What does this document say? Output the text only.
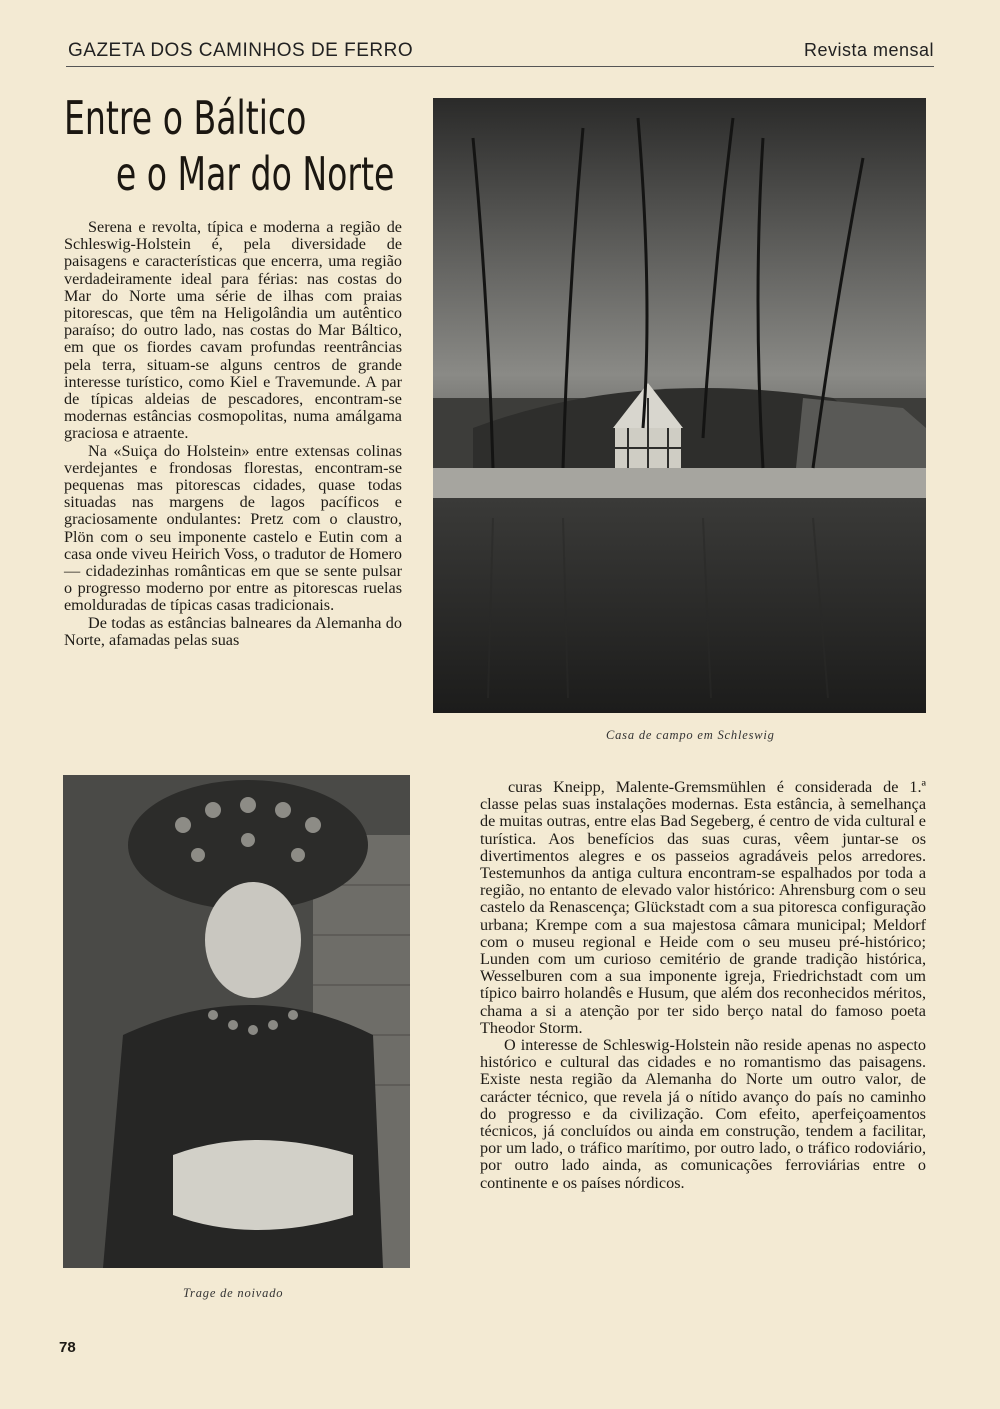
GAZETA DOS CAMINHOS DE FERRO	Revista mensal
Entre o Báltico
e o Mar do Norte

Serena e revolta, típica e moderna a região de Schleswig-Holstein é, pela diversidade de paisagens e características que encerra, uma região verdadeiramente ideal para férias: nas costas do Mar do Norte uma série de ilhas com praias pitorescas, que têm na Heligolândia um autêntico paraíso; do outro lado, nas costas do Mar Báltico, em que os fiordes cavam profundas reentrâncias pela terra, situam-se alguns centros de grande interesse turístico, como Kiel e Travemunde. A par de típicas aldeias de pescadores, encontram-se modernas estâncias cosmopolitas, numa amálgama graciosa e atraente.

Na «Suiça do Holstein» entre extensas colinas verdejantes e frondosas florestas, encontram-se pequenas mas pitorescas cidades, quase todas situadas nas margens de lagos pacíficos e graciosamente ondulantes: Pretz com o claustro, Plön com o seu imponente castelo e Eutin com a casa onde viveu Heirich Voss, o tradutor de Homero — cidadezinhas românticas em que se sente pulsar o progresso moderno por entre as pitorescas ruelas emolduradas de típicas casas tradicionais.

De todas as estâncias balneares da Alemanha do Norte, afamadas pelas suas

Casa de campo em Schleswig
Trage de noivado

curas Kneipp, Malente-Gremsmühlen é considerada de 1.ª classe pelas suas instalações modernas. Esta estância, à semelhança de muitas outras, entre elas Bad Segeberg, é centro de vida cultural e turística. Aos benefícios das suas curas, vêem juntar-se os divertimentos alegres e os passeios agradáveis pelos arredores. Testemunhos da antiga cultura encontram-se espalhados por toda a região, no entanto de elevado valor histórico: Ahrensburg com o seu castelo da Renascença; Glückstadt com a sua pitoresca configuração urbana; Krempe com a sua majestosa câmara municipal; Meldorf com o museu regional e Heide com o seu museu pré-histórico; Lunden com um curioso cemitério de grande tradição histórica, Wesselburen com a sua imponente igreja, Friedrichstadt com um típico bairro holandês e Husum, que além dos reconhecidos méritos, chama a si a atenção por ter sido berço natal do famoso poeta Theodor Storm.

O interesse de Schleswig-Holstein não reside apenas no aspecto histórico e cultural das cidades e no romantismo das paisagens. Existe nesta região da Alemanha do Norte um outro valor, de carácter técnico, que revela já o nítido avanço do país no caminho do progresso e da civilização. Com efeito, aperfeiçoamentos técnicos, já concluídos ou ainda em construção, tendem a facilitar, por um lado, o tráfico marítimo, por outro lado, o tráfico rodoviário, por outro lado ainda, as comunicações ferroviárias entre o continente e os países nórdicos.

78
